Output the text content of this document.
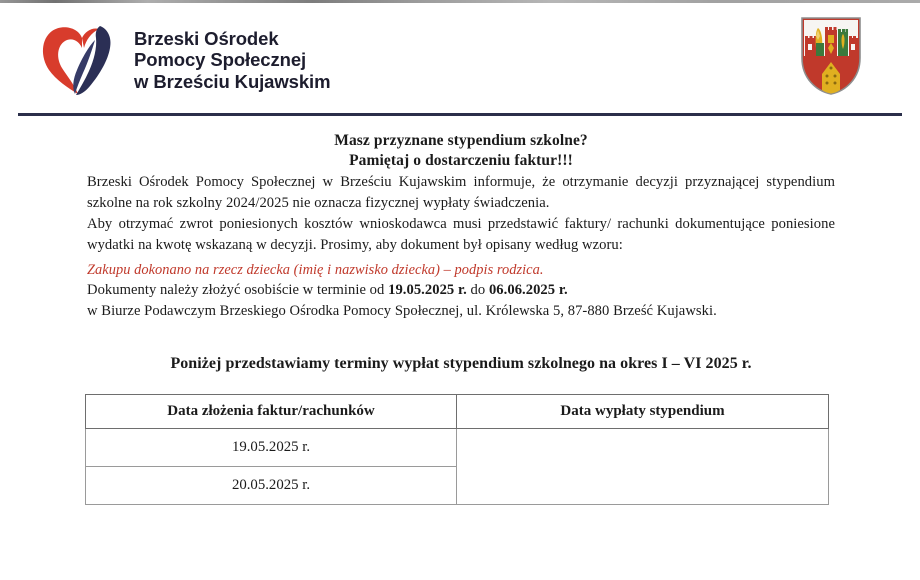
Brzeski Ośrodek
Pomocy Społecznej
w Brześciu Kujawskim
Masz przyznane stypendium szkolne?
Pamiętaj o dostarczeniu faktur!!!

Brzeski Ośrodek Pomocy Społecznej w Brześciu Kujawskim informuje, że otrzymanie decyzji przyznającej stypendium szkolne na rok szkolny 2024/2025 nie oznacza fizycznej wypłaty świadczenia.

Aby otrzymać zwrot poniesionych kosztów wnioskodawca musi przedstawić faktury/ rachunki dokumentujące poniesione wydatki na kwotę wskazaną w decyzji. Prosimy, aby dokument był opisany według wzoru:

Zakupu dokonano na rzecz dziecka (imię i nazwisko dziecka) – podpis rodzica.

Dokumenty należy złożyć osobiście w terminie od 19.05.2025 r. do 06.06.2025 r.
w Biurze Podawczym Brzeskiego Ośrodka Pomocy Społecznej, ul. Królewska 5, 87-880 Brześć Kujawski.

Poniżej przedstawiamy terminy wypłat stypendium szkolnego na okres I – VI 2025 r.
Data złożenia faktur/rachunków	Data wypłaty stypendium
19.05.2025 r.	
20.05.2025 r.	
